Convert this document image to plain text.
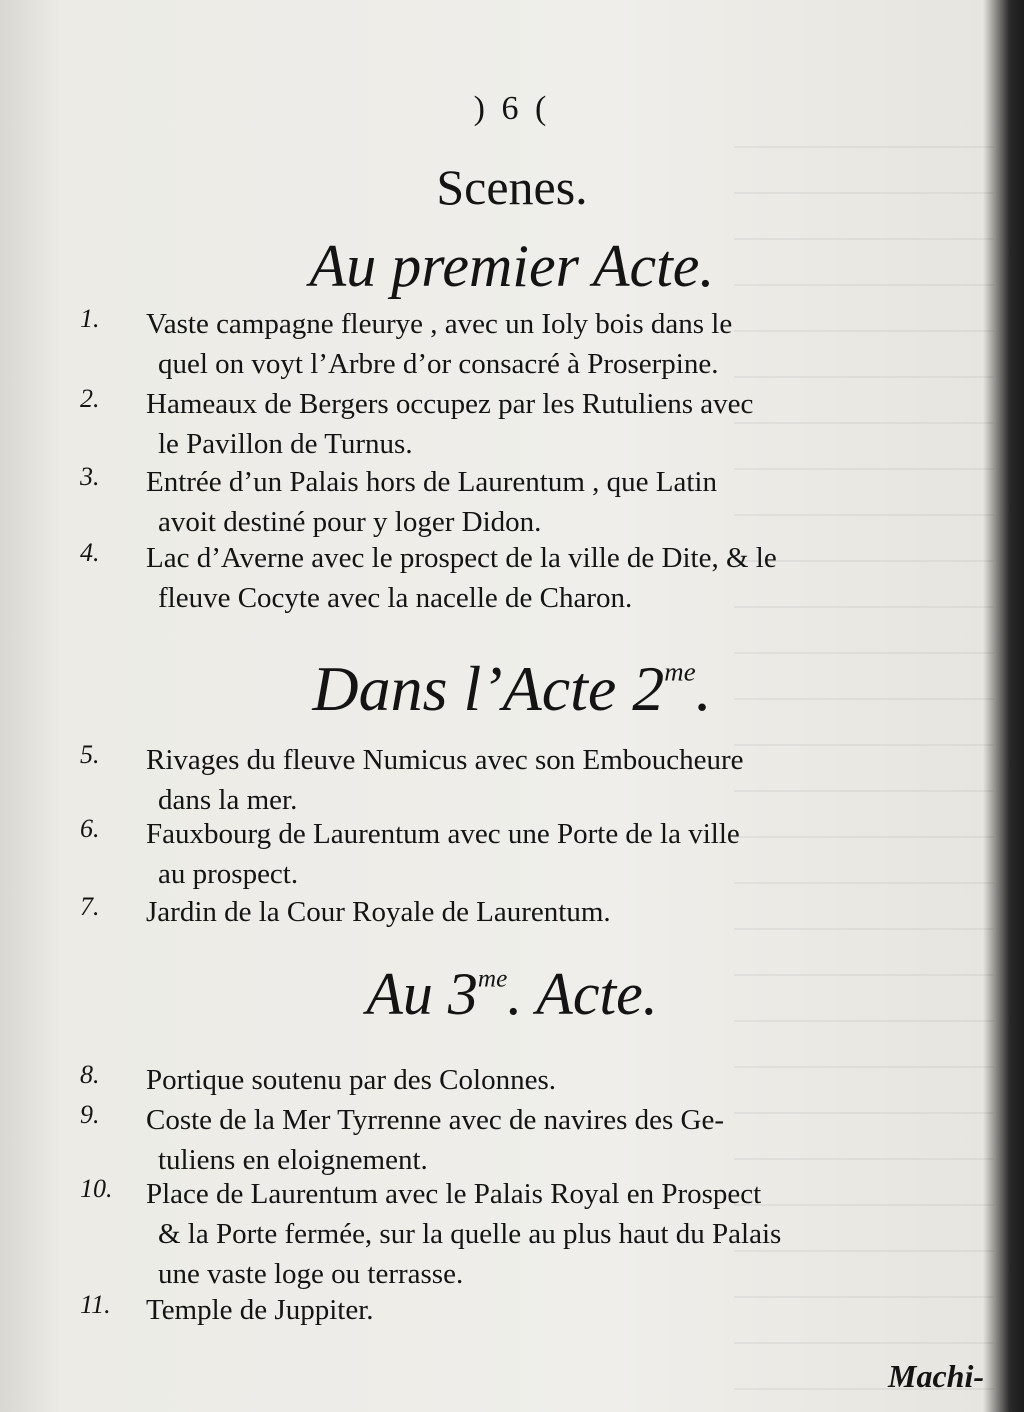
) 6 (
Scenes.
Au premier Acte.
1.	Vaste campagne fleurye , avec un Ioly bois dans le
quel on voyt l’Arbre d’or consacré à Proserpine.
2.	Hameaux de Bergers occupez par les Rutuliens avec
le Pavillon de Turnus.
3.	Entrée d’un Palais hors de Laurentum , que Latin
avoit destiné pour y loger Didon.
4.	Lac d’Averne avec le prospect de la ville de Dite, & le
fleuve Cocyte avec la nacelle de Charon.
Dans l’Acte $2^{me}$.
5.	Rivages du fleuve Numicus avec son Emboucheure
dans la mer.
6.	Fauxbourg de Laurentum avec une Porte de la ville
au prospect.
7.	Jardin de la Cour Royale de Laurentum.
Au $3^{me}$. Acte.
8.	Portique soutenu par des Colonnes.
9.	Coste de la Mer Tyrrenne avec de navires des Ge-
tuliens en eloignement.
10.	Place de Laurentum avec le Palais Royal en Prospect
& la Porte fermée, sur la quelle au plus haut du Palais
une vaste loge ou terrasse.
11.	Temple de Juppiter.
Machi-
